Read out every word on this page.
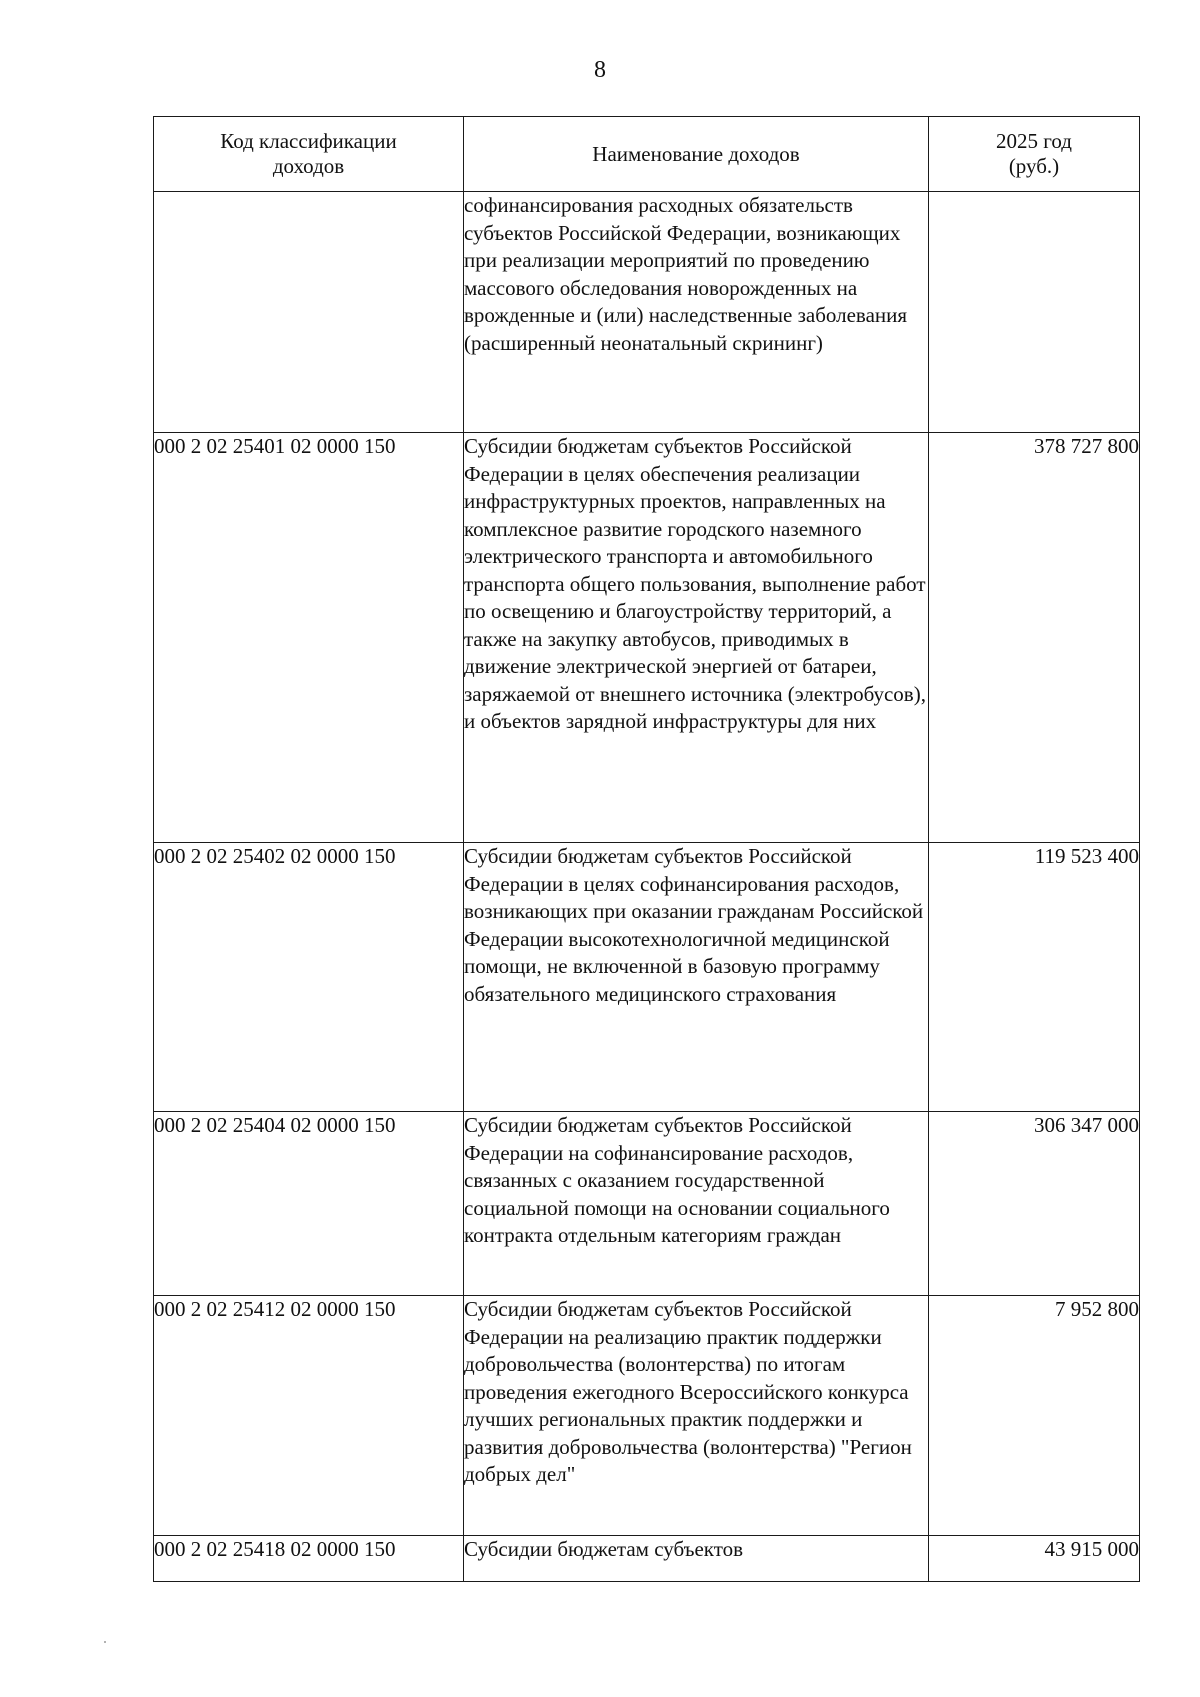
8
Код классификации доходов	Наименование доходов	2025 год (руб.)
	софинансирования расходных обязательств субъектов Российской Федерации, возникающих при реализации мероприятий по проведению массового обследования новорожденных на врожденные и (или) наследственные заболевания (расширенный неонатальный скрининг)	
000 2 02 25401 02 0000 150	Субсидии бюджетам субъектов Российской Федерации в целях обеспечения реализации инфраструктурных проектов, направленных на комплексное развитие городского наземного электрического транспорта и автомобильного транспорта общего пользования, выполнение работ по освещению и благоустройству территорий, а также на закупку автобусов, приводимых в движение электрической энергией от батареи, заряжаемой от внешнего источника (электробусов), и объектов зарядной инфраструктуры для них	378 727 800
000 2 02 25402 02 0000 150	Субсидии бюджетам субъектов Российской Федерации в целях софинансирования расходов, возникающих при оказании гражданам Российской Федерации высокотехнологичной медицинской помощи, не включенной в базовую программу обязательного медицинского страхования	119 523 400
000 2 02 25404 02 0000 150	Субсидии бюджетам субъектов Российской Федерации на софинансирование расходов, связанных с оказанием государственной социальной помощи на основании социального контракта отдельным категориям граждан	306 347 000
000 2 02 25412 02 0000 150	Субсидии бюджетам субъектов Российской Федерации на реализацию практик поддержки добровольчества (волонтерства) по итогам проведения ежегодного Всероссийского конкурса лучших региональных практик поддержки и развития добровольчества (волонтерства) "Регион добрых дел"	7 952 800
000 2 02 25418 02 0000 150	Субсидии бюджетам субъектов	43 915 000
